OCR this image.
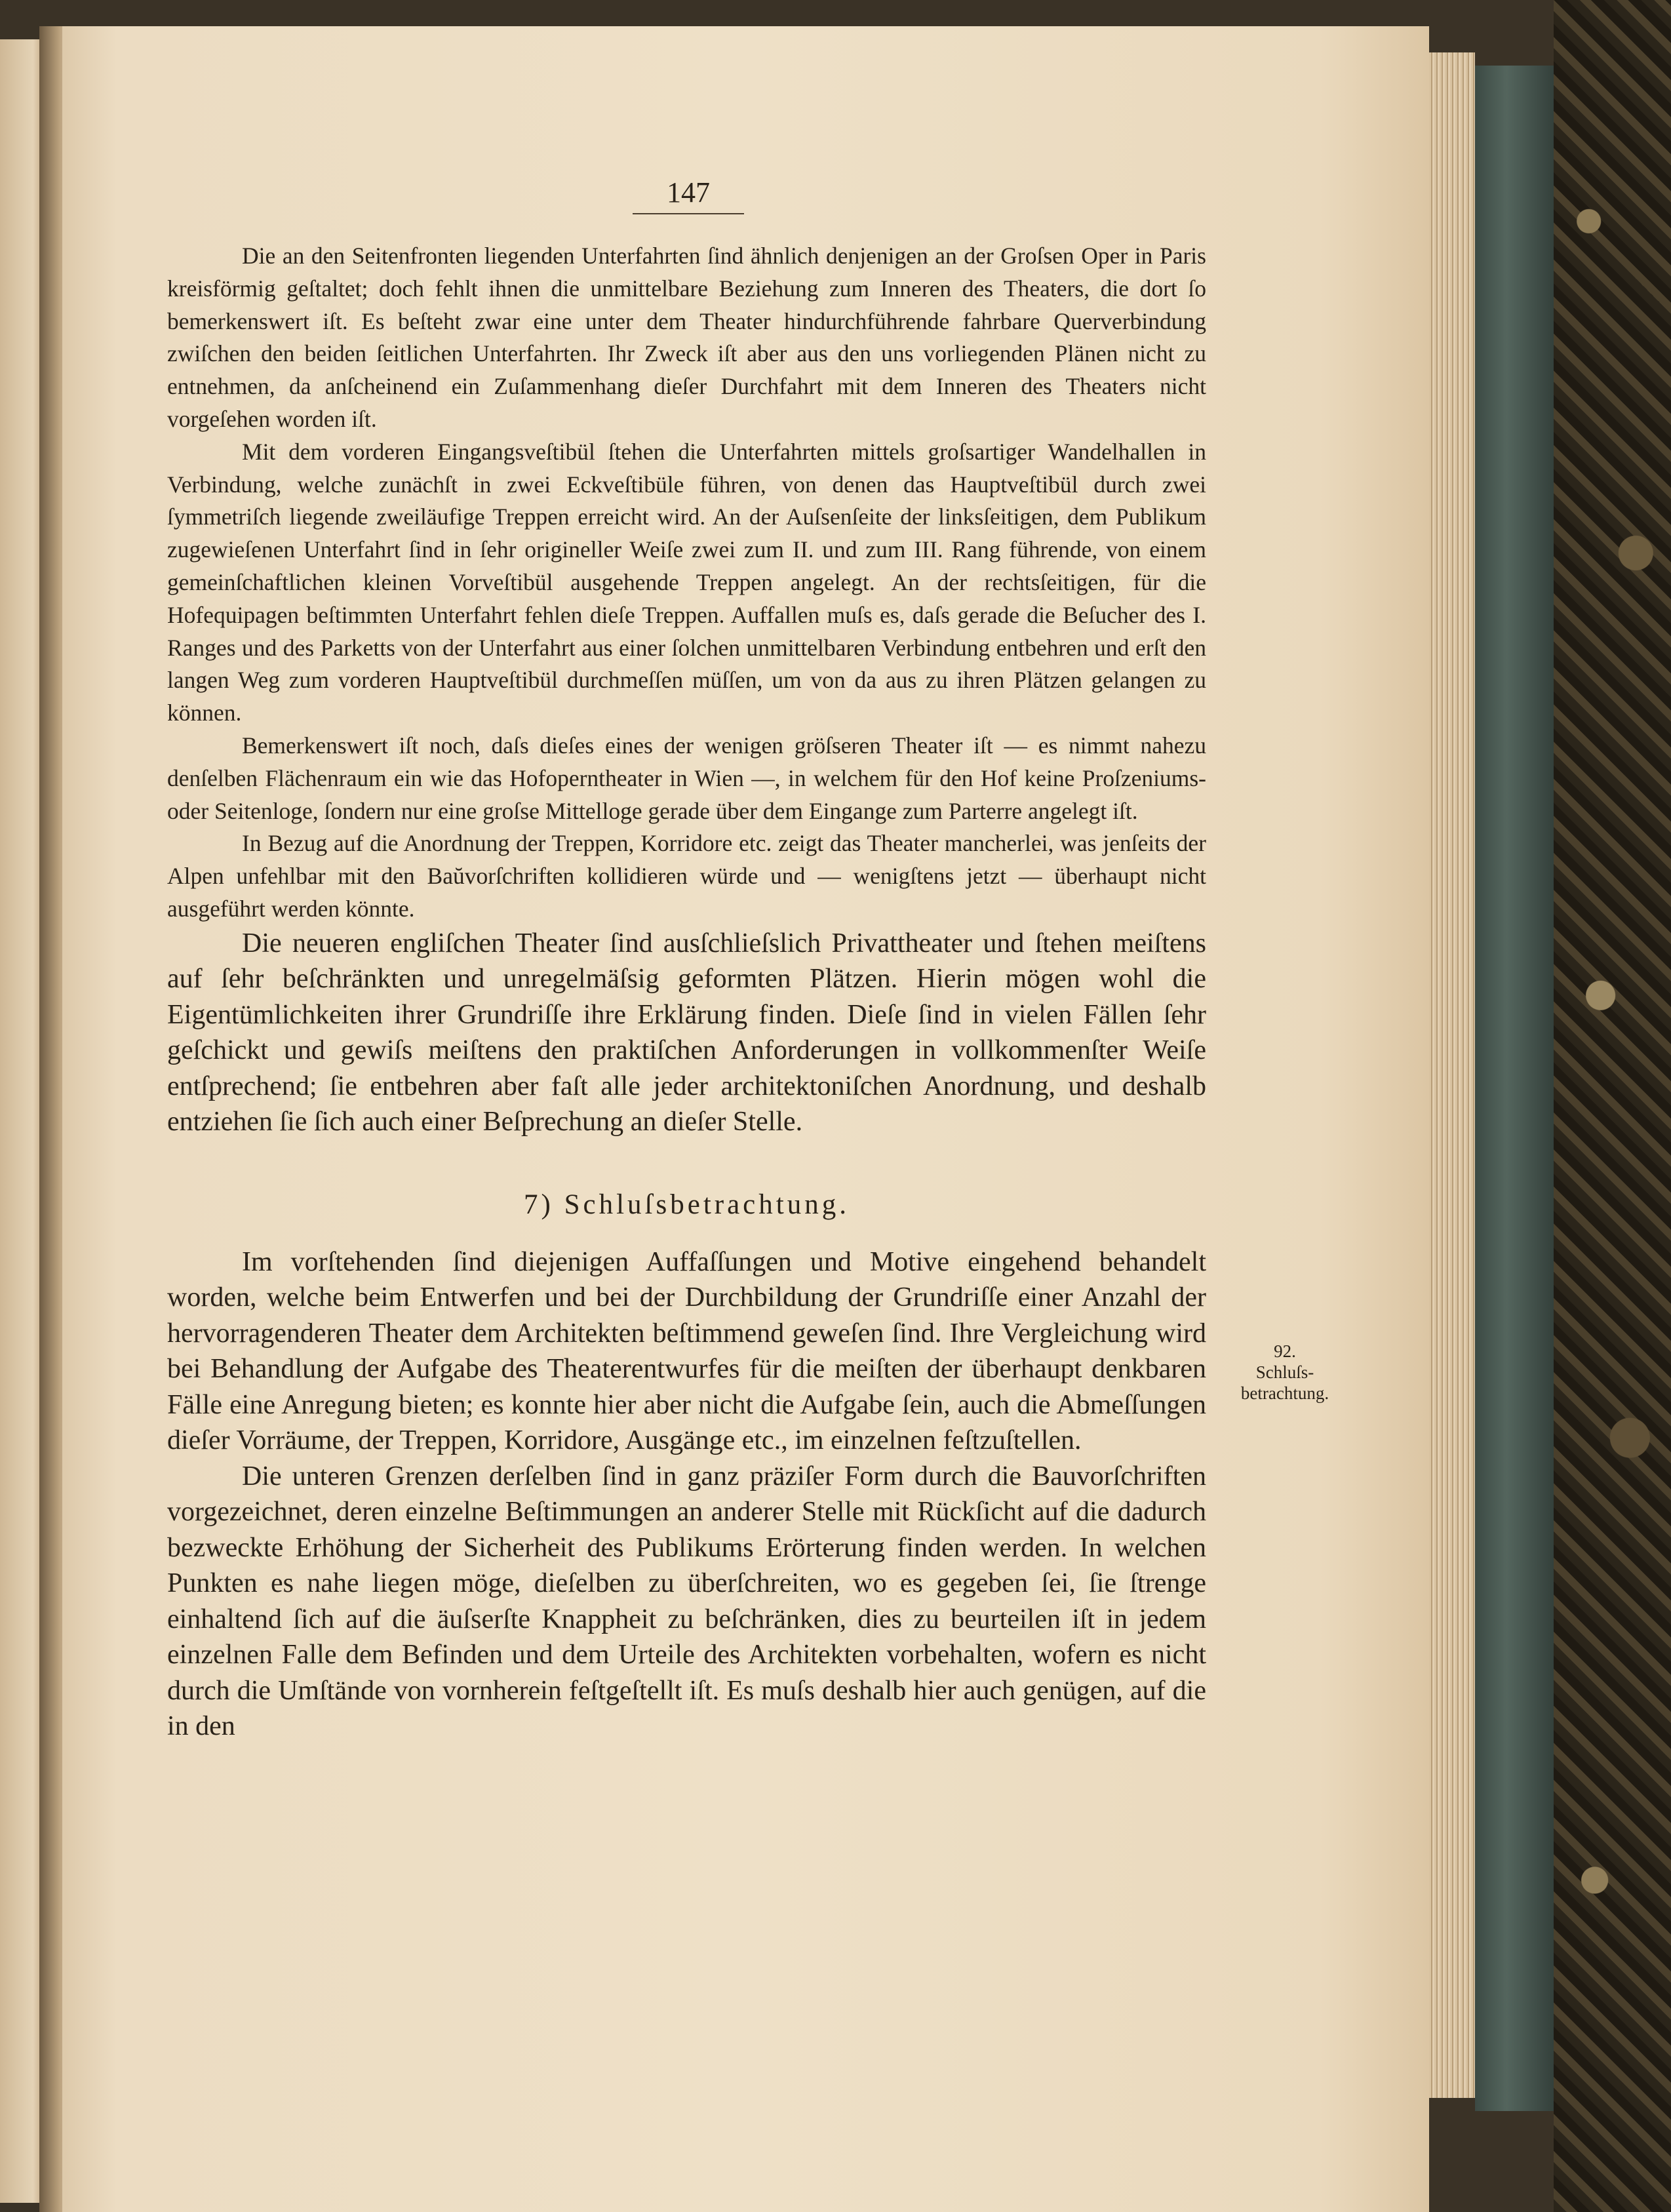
147

Die an den Seitenfronten liegenden Unterfahrten ſind ähnlich denjenigen an der Groſsen Oper in Paris kreisförmig geſtaltet; doch fehlt ihnen die unmittelbare Beziehung zum Inneren des Theaters, die dort ſo bemerkenswert iſt. Es beſteht zwar eine unter dem Theater hindurchführende fahrbare Querverbindung zwiſchen den beiden ſeitlichen Unterfahrten. Ihr Zweck iſt aber aus den uns vorliegenden Plänen nicht zu entnehmen, da anſcheinend ein Zuſammenhang dieſer Durchfahrt mit dem Inneren des Theaters nicht vorgeſehen worden iſt.

Mit dem vorderen Eingangsveſtibül ſtehen die Unterfahrten mittels groſsartiger Wandelhallen in Verbindung, welche zunächſt in zwei Eckveſtibüle führen, von denen das Hauptveſtibül durch zwei ſymmetriſch liegende zweiläufige Treppen erreicht wird. An der Auſsenſeite der linksſeitigen, dem Publikum zugewieſenen Unterfahrt ſind in ſehr origineller Weiſe zwei zum II. und zum III. Rang führende, von einem gemeinſchaftlichen kleinen Vorveſtibül ausgehende Treppen angelegt. An der rechtsſeitigen, für die Hofequipagen beſtimmten Unterfahrt fehlen dieſe Treppen. Auffallen muſs es, daſs gerade die Beſucher des I. Ranges und des Parketts von der Unterfahrt aus einer ſolchen unmittelbaren Verbindung entbehren und erſt den langen Weg zum vorderen Hauptveſtibül durchmeſſen müſſen, um von da aus zu ihren Plätzen gelangen zu können.

Bemerkenswert iſt noch, daſs dieſes eines der wenigen gröſseren Theater iſt — es nimmt nahezu denſelben Flächenraum ein wie das Hofoperntheater in Wien —, in welchem für den Hof keine Proſzeniums- oder Seitenloge, ſondern nur eine groſse Mittelloge gerade über dem Eingange zum Parterre angelegt iſt.

In Bezug auf die Anordnung der Treppen, Korridore etc. zeigt das Theater mancherlei, was jenſeits der Alpen unfehlbar mit den Baŭvorſchriften kollidieren würde und — wenigſtens jetzt — überhaupt nicht ausgeführt werden könnte.

Die neueren engliſchen Theater ſind ausſchlieſslich Privattheater und ſtehen meiſtens auf ſehr beſchränkten und unregelmäſsig geformten Plätzen. Hierin mögen wohl die Eigentümlichkeiten ihrer Grundriſſe ihre Erklärung finden. Dieſe ſind in vielen Fällen ſehr geſchickt und gewiſs meiſtens den praktiſchen Anforderungen in vollkommenſter Weiſe entſprechend; ſie entbehren aber faſt alle jeder architektoniſchen Anordnung, und deshalb entziehen ſie ſich auch einer Beſprechung an dieſer Stelle.

7) Schluſsbetrachtung.

Im vorſtehenden ſind diejenigen Auffaſſungen und Motive eingehend behandelt worden, welche beim Entwerfen und bei der Durchbildung der Grundriſſe einer Anzahl der hervorragenderen Theater dem Architekten beſtimmend geweſen ſind. Ihre Vergleichung wird bei Behandlung der Aufgabe des Theaterentwurfes für die meiſten der überhaupt denkbaren Fälle eine Anregung bieten; es konnte hier aber nicht die Aufgabe ſein, auch die Abmeſſungen dieſer Vorräume, der Treppen, Korridore, Ausgänge etc., im einzelnen feſtzuſtellen.

Die unteren Grenzen derſelben ſind in ganz präziſer Form durch die Bauvorſchriften vorgezeichnet, deren einzelne Beſtimmungen an anderer Stelle mit Rückſicht auf die dadurch bezweckte Erhöhung der Sicherheit des Publikums Erörterung finden werden. In welchen Punkten es nahe liegen möge, dieſelben zu überſchreiten, wo es gegeben ſei, ſie ſtrenge einhaltend ſich auf die äuſserſte Knappheit zu beſchränken, dies zu beurteilen iſt in jedem einzelnen Falle dem Befinden und dem Urteile des Architekten vorbehalten, wofern es nicht durch die Umſtände von vornherein feſtgeſtellt iſt. Es muſs deshalb hier auch genügen, auf die in den

92.
Schluſs-
betrachtung.
